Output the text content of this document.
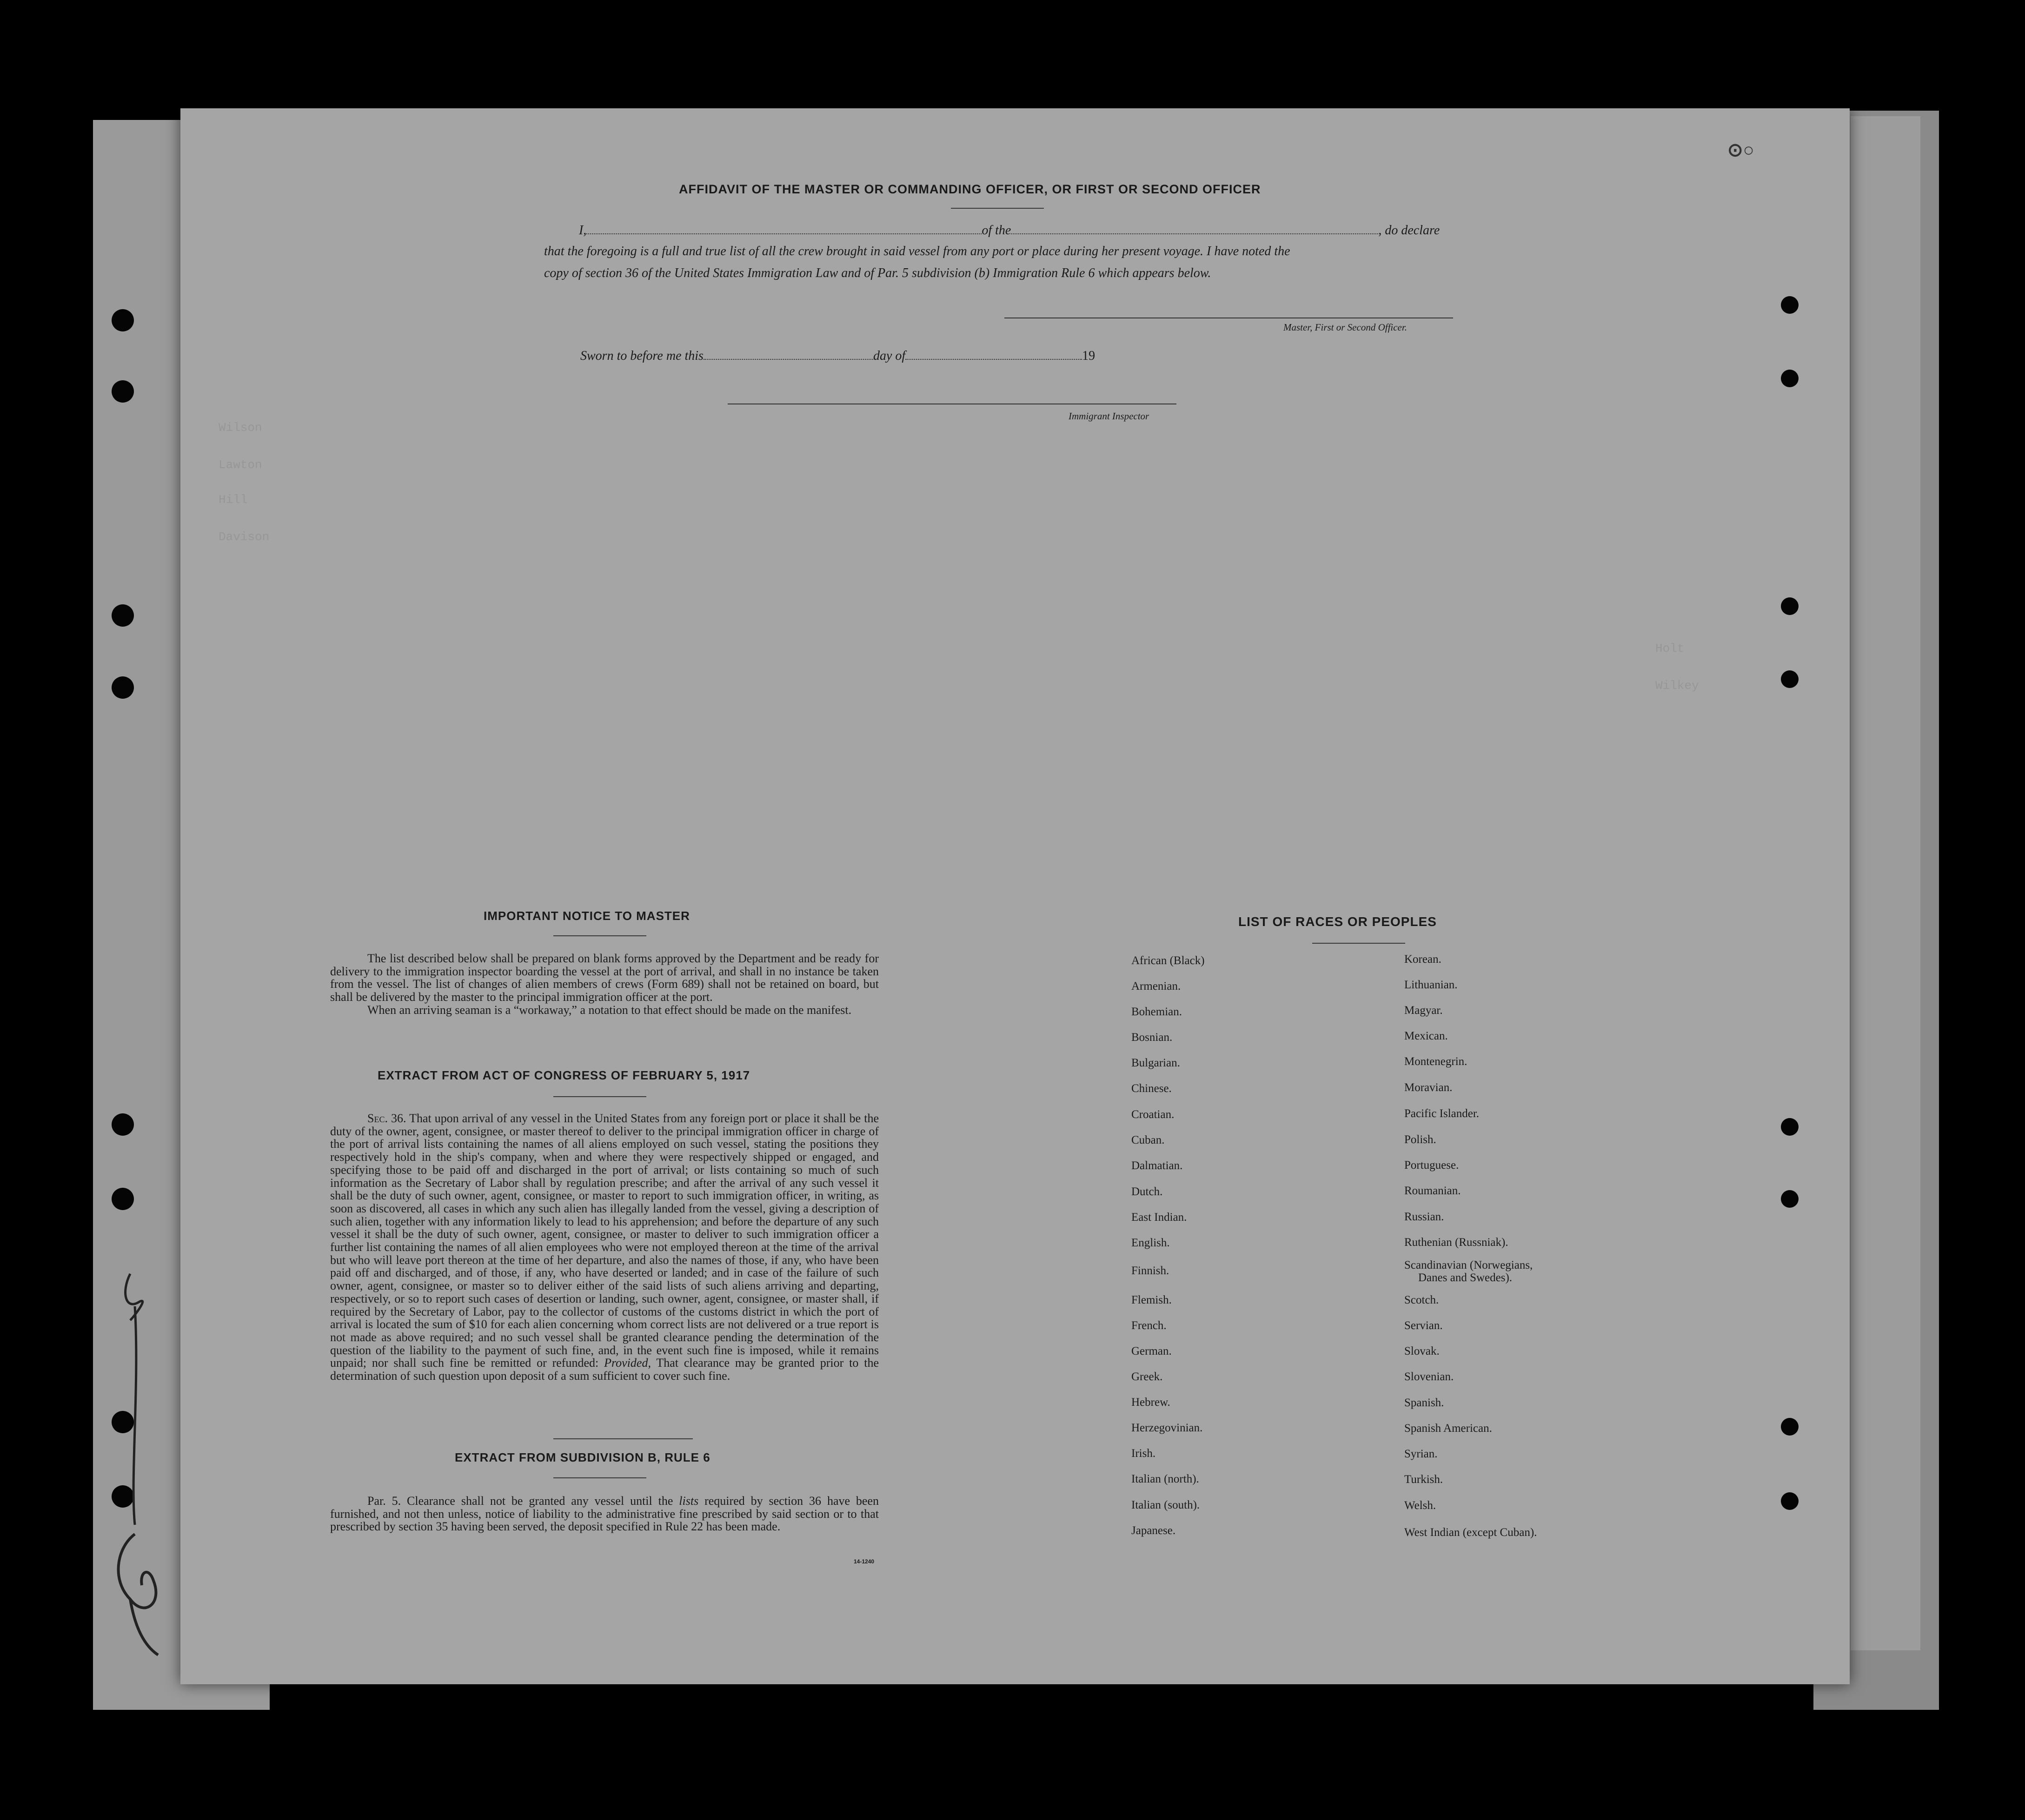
⊙○
Wilson
Lawton
Hill
Davison
Holt
Wilkey
AFFIDAVIT OF THE MASTER OR COMMANDING OFFICER, OR FIRST OR SECOND OFFICER
I,	of the	, do declare
that the foregoing is a full and true list of all the crew brought in said vessel from any port or place during her present voyage. I have noted the
copy of section 36 of the United States Immigration Law and of Par. 5 subdivision (b) Immigration Rule 6 which appears below.
Master, First or Second Officer.
Sworn to before me this	day of	19
Immigrant Inspector
IMPORTANT NOTICE TO MASTER
The list described below shall be prepared on blank forms approved by the Department and be ready for delivery to the immigration inspector boarding the vessel at the port of arrival, and shall in no instance be taken from the vessel. The list of changes of alien members of crews (Form 689) shall not be retained on board, but shall be delivered by the master to the principal immigration officer at the port.
When an arriving seaman is a “workaway,” a notation to that effect should be made on the manifest.
EXTRACT FROM ACT OF CONGRESS OF FEBRUARY 5, 1917
Sec. 36. That upon arrival of any vessel in the United States from any foreign port or place it shall be the duty of the owner, agent, consignee, or master thereof to deliver to the principal immigration officer in charge of the port of arrival lists containing the names of all aliens employed on such vessel, stating the positions they respectively hold in the ship's company, when and where they were respectively shipped or engaged, and specifying those to be paid off and discharged in the port of arrival; or lists containing so much of such information as the Secretary of Labor shall by regulation prescribe; and after the arrival of any such vessel it shall be the duty of such owner, agent, consignee, or master to report to such immigration officer, in writing, as soon as discovered, all cases in which any such alien has illegally landed from the vessel, giving a description of such alien, together with any information likely to lead to his apprehension; and before the departure of any such vessel it shall be the duty of such owner, agent, consignee, or master to deliver to such immigration officer a further list containing the names of all alien employees who were not employed thereon at the time of the arrival but who will leave port thereon at the time of her departure, and also the names of those, if any, who have been paid off and discharged, and of those, if any, who have deserted or landed; and in case of the failure of such owner, agent, consignee, or master so to deliver either of the said lists of such aliens arriving and departing, respectively, or so to report such cases of desertion or landing, such owner, agent, consignee, or master shall, if required by the Secretary of Labor, pay to the collector of customs of the customs district in which the port of arrival is located the sum of $10 for each alien concerning whom correct lists are not delivered or a true report is not made as above required; and no such vessel shall be granted clearance pending the determination of the question of the liability to the payment of such fine, and, in the event such fine is imposed, while it remains unpaid; nor shall such fine be remitted or refunded: Provided, That clearance may be granted prior to the determination of such question upon deposit of a sum sufficient to cover such fine.
EXTRACT FROM SUBDIVISION B, RULE 6
Par. 5. Clearance shall not be granted any vessel until the lists required by section 36 have been furnished, and not then unless, notice of liability to the administrative fine prescribed by said section or to that prescribed by section 35 having been served, the deposit specified in Rule 22 has been made.
14-1240
LIST OF RACES OR PEOPLES
African (Black)
Armenian.
Bohemian.
Bosnian.
Bulgarian.
Chinese.
Croatian.
Cuban.
Dalmatian.
Dutch.
East Indian.
English.
Finnish.
Flemish.
French.
German.
Greek.
Hebrew.
Herzegovinian.
Irish.
Italian (north).
Italian (south).
Japanese.
Korean.
Lithuanian.
Magyar.
Mexican.
Montenegrin.
Moravian.
Pacific Islander.
Polish.
Portuguese.
Roumanian.
Russian.
Ruthenian (Russniak).
Scandinavian (Norwegians,
Danes and Swedes).
Scotch.
Servian.
Slovak.
Slovenian.
Spanish.
Spanish American.
Syrian.
Turkish.
Welsh.
West Indian (except Cuban).
